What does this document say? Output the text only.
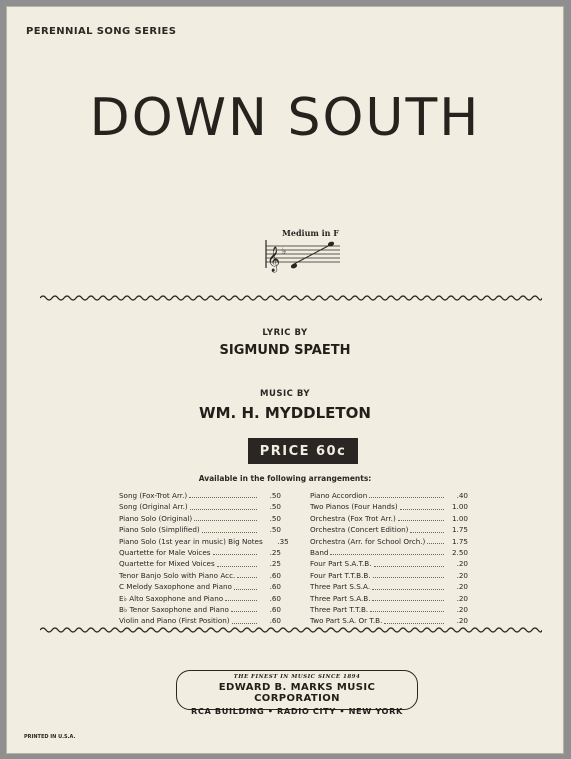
PERENNIAL SONG SERIES
DOWN SOUTH
Medium in F
𝄞 ♭
LYRIC BY
SIGMUND SPAETH
MUSIC BY
WM. H. MYDDLETON
PRICE 60c
Available in the following arrangements:
Song (Fox-Trot Arr.)	.50
Song (Original Arr.)	.50
Piano Solo (Original)	.50
Piano Solo (Simplified)	.50
Piano Solo (1st year in music) Big Notes	.35
Quartette for Male Voices	.25
Quartette for Mixed Voices	.25
Tenor Banjo Solo with Piano Acc.	.60
C Melody Saxophone and Piano	.60
E♭ Alto Saxophone and Piano	.60
B♭ Tenor Saxophone and Piano	.60
Violin and Piano (First Position)	.60
Piano Accordion	.40
Two Pianos (Four Hands)	1.00
Orchestra (Fox Trot Arr.)	1.00
Orchestra (Concert Edition)	1.75
Orchestra (Arr. for School Orch.)	1.75
Band	2.50
Four Part S.A.T.B.	.20
Four Part T.T.B.B.	.20
Three Part S.S.A.	.20
Three Part S.A.B.	.20
Three Part T.T.B.	.20
Two Part S.A. Or T.B.	.20
THE FINEST IN MUSIC SINCE 1894
EDWARD B. MARKS MUSIC CORPORATION
RCA BUILDING • RADIO CITY • NEW YORK
PRINTED IN U.S.A.
